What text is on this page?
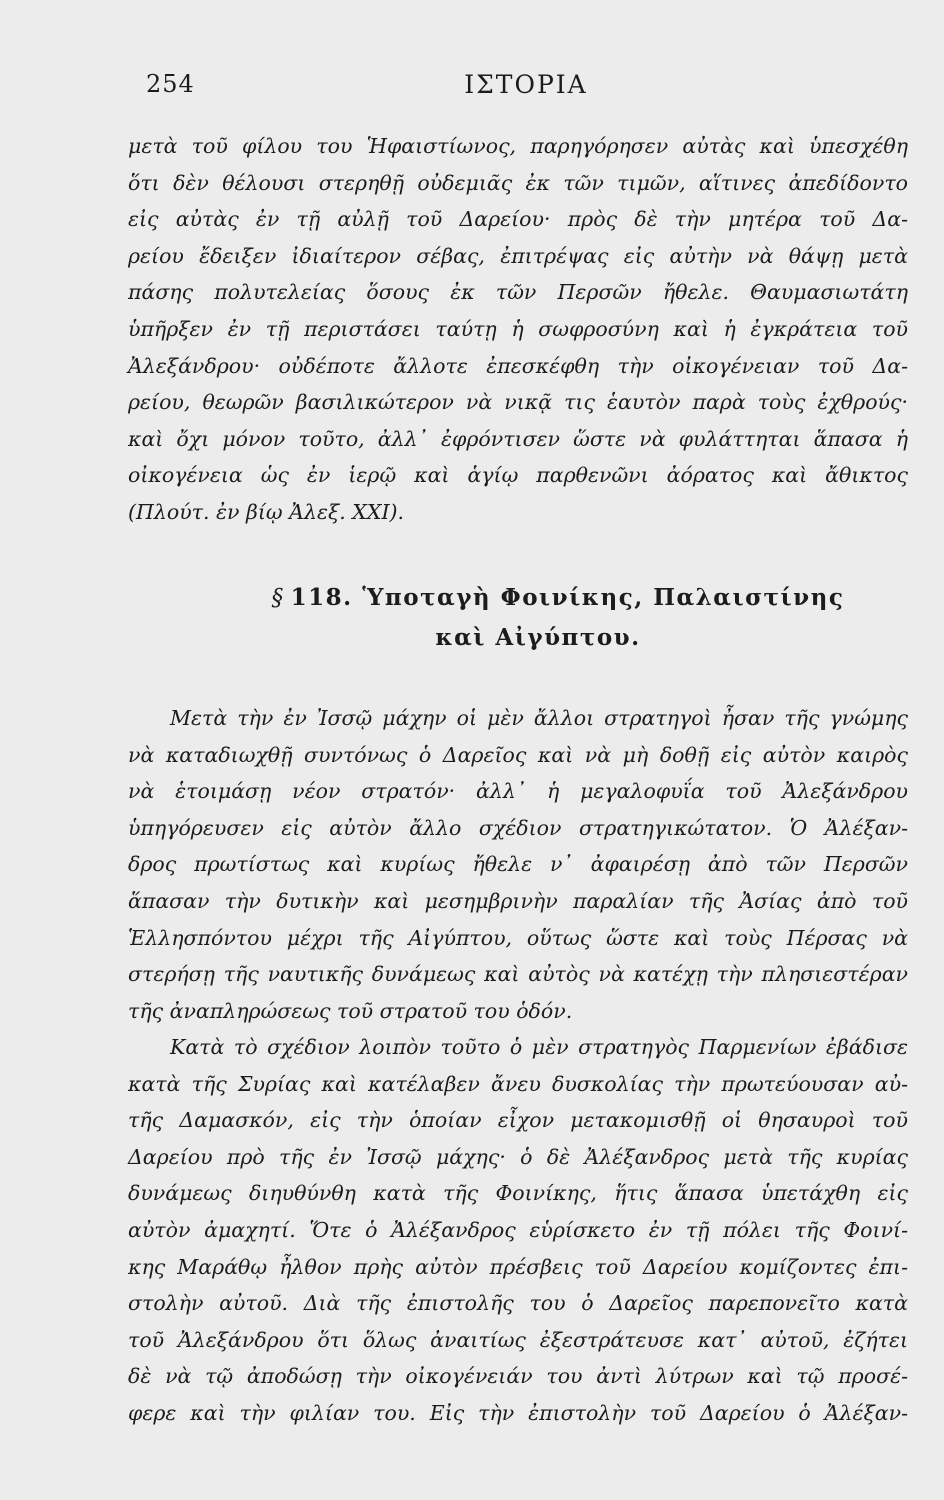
254	ΙΣΤΟΡΙΑ
μετὰ τοῦ φίλου του Ἡφαιστίωνος, παρηγόρησεν αὐτὰς καὶ ὑπεσχέθη
ὅτι δὲν θέλουσι στερηθῇ οὐδεμιᾶς ἐκ τῶν τιμῶν, αἵτινες ἀπεδίδοντο
εἰς αὐτὰς ἐν τῇ αὐλῇ τοῦ Δαρείου· πρὸς δὲ τὴν μητέρα τοῦ Δα-
ρείου ἔδειξεν ἰδιαίτερον σέβας, ἐπιτρέψας εἰς αὐτὴν νὰ θάψῃ μετὰ
πάσης πολυτελείας ὅσους ἐκ τῶν Περσῶν ἤθελε. Θαυμασιωτάτη
ὑπῆρξεν ἐν τῇ περιστάσει ταύτῃ ἡ σωφροσύνη καὶ ἡ ἐγκράτεια τοῦ
Ἀλεξάνδρου· οὐδέποτε ἄλλοτε ἐπεσκέφθη τὴν οἰκογένειαν τοῦ Δα-
ρείου, θεωρῶν βασιλικώτερον νὰ νικᾷ τις ἑαυτὸν παρὰ τοὺς ἐχθρούς·
καὶ ὄχι μόνον τοῦτο, ἀλλ᾿ ἐφρόντισεν ὥστε νὰ φυλάττηται ἅπασα ἡ
οἰκογένεια ὡς ἐν ἱερῷ καὶ ἁγίῳ παρθενῶνι ἀόρατος καὶ ἄθικτος
(Πλούτ. ἐν βίῳ Ἀλεξ. XXI).
§ 118. Ὑποταγὴ Φοινίκης, Παλαιστίνης
καὶ Αἰγύπτου.
Μετὰ τὴν ἐν Ἰσσῷ μάχην οἱ μὲν ἄλλοι στρατηγοὶ ἦσαν τῆς γνώμης
νὰ καταδιωχθῇ συντόνως ὁ Δαρεῖος καὶ νὰ μὴ δοθῇ εἰς αὐτὸν καιρὸς
νὰ ἑτοιμάσῃ νέον στρατόν· ἀλλ᾿ ἡ μεγαλοφυΐα τοῦ Ἀλεξάνδρου
ὑπηγόρευσεν εἰς αὐτὸν ἄλλο σχέδιον στρατηγικώτατον. Ὁ Ἀλέξαν-
δρος πρωτίστως καὶ κυρίως ἤθελε ν᾿ ἀφαιρέσῃ ἀπὸ τῶν Περσῶν
ἅπασαν τὴν δυτικὴν καὶ μεσημβρινὴν παραλίαν τῆς Ἀσίας ἀπὸ τοῦ
Ἑλλησπόντου μέχρι τῆς Αἰγύπτου, οὕτως ὥστε καὶ τοὺς Πέρσας νὰ
στερήσῃ τῆς ναυτικῆς δυνάμεως καὶ αὐτὸς νὰ κατέχῃ τὴν πλησιεστέραν
τῆς ἀναπληρώσεως τοῦ στρατοῦ του ὁδόν.
Κατὰ τὸ σχέδιον λοιπὸν τοῦτο ὁ μὲν στρατηγὸς Παρμενίων ἐβάδισε
κατὰ τῆς Συρίας καὶ κατέλαβεν ἄνευ δυσκολίας τὴν πρωτεύουσαν αὐ-
τῆς Δαμασκόν, εἰς τὴν ὁποίαν εἶχον μετακομισθῇ οἱ θησαυροὶ τοῦ
Δαρείου πρὸ τῆς ἐν Ἰσσῷ μάχης· ὁ δὲ Ἀλέξανδρος μετὰ τῆς κυρίας
δυνάμεως διηυθύνθη κατὰ τῆς Φοινίκης, ἥτις ἅπασα ὑπετάχθη εἰς
αὐτὸν ἀμαχητί. Ὅτε ὁ Ἀλέξανδρος εὑρίσκετο ἐν τῇ πόλει τῆς Φοινί-
κης Μαράθῳ ἦλθον πρὴς αὐτὸν πρέσβεις τοῦ Δαρείου κομίζοντες ἐπι-
στολὴν αὐτοῦ. Διὰ τῆς ἐπιστολῆς του ὁ Δαρεῖος παρεπονεῖτο κατὰ
τοῦ Ἀλεξάνδρου ὅτι ὅλως ἀναιτίως ἐξεστράτευσε κατ᾿ αὐτοῦ, ἐζήτει
δὲ νὰ τῷ ἀποδώσῃ τὴν οἰκογένειάν του ἀντὶ λύτρων καὶ τῷ προσέ-
φερε καὶ τὴν φιλίαν του. Εἰς τὴν ἐπιστολὴν τοῦ Δαρείου ὁ Ἀλέξαν-
